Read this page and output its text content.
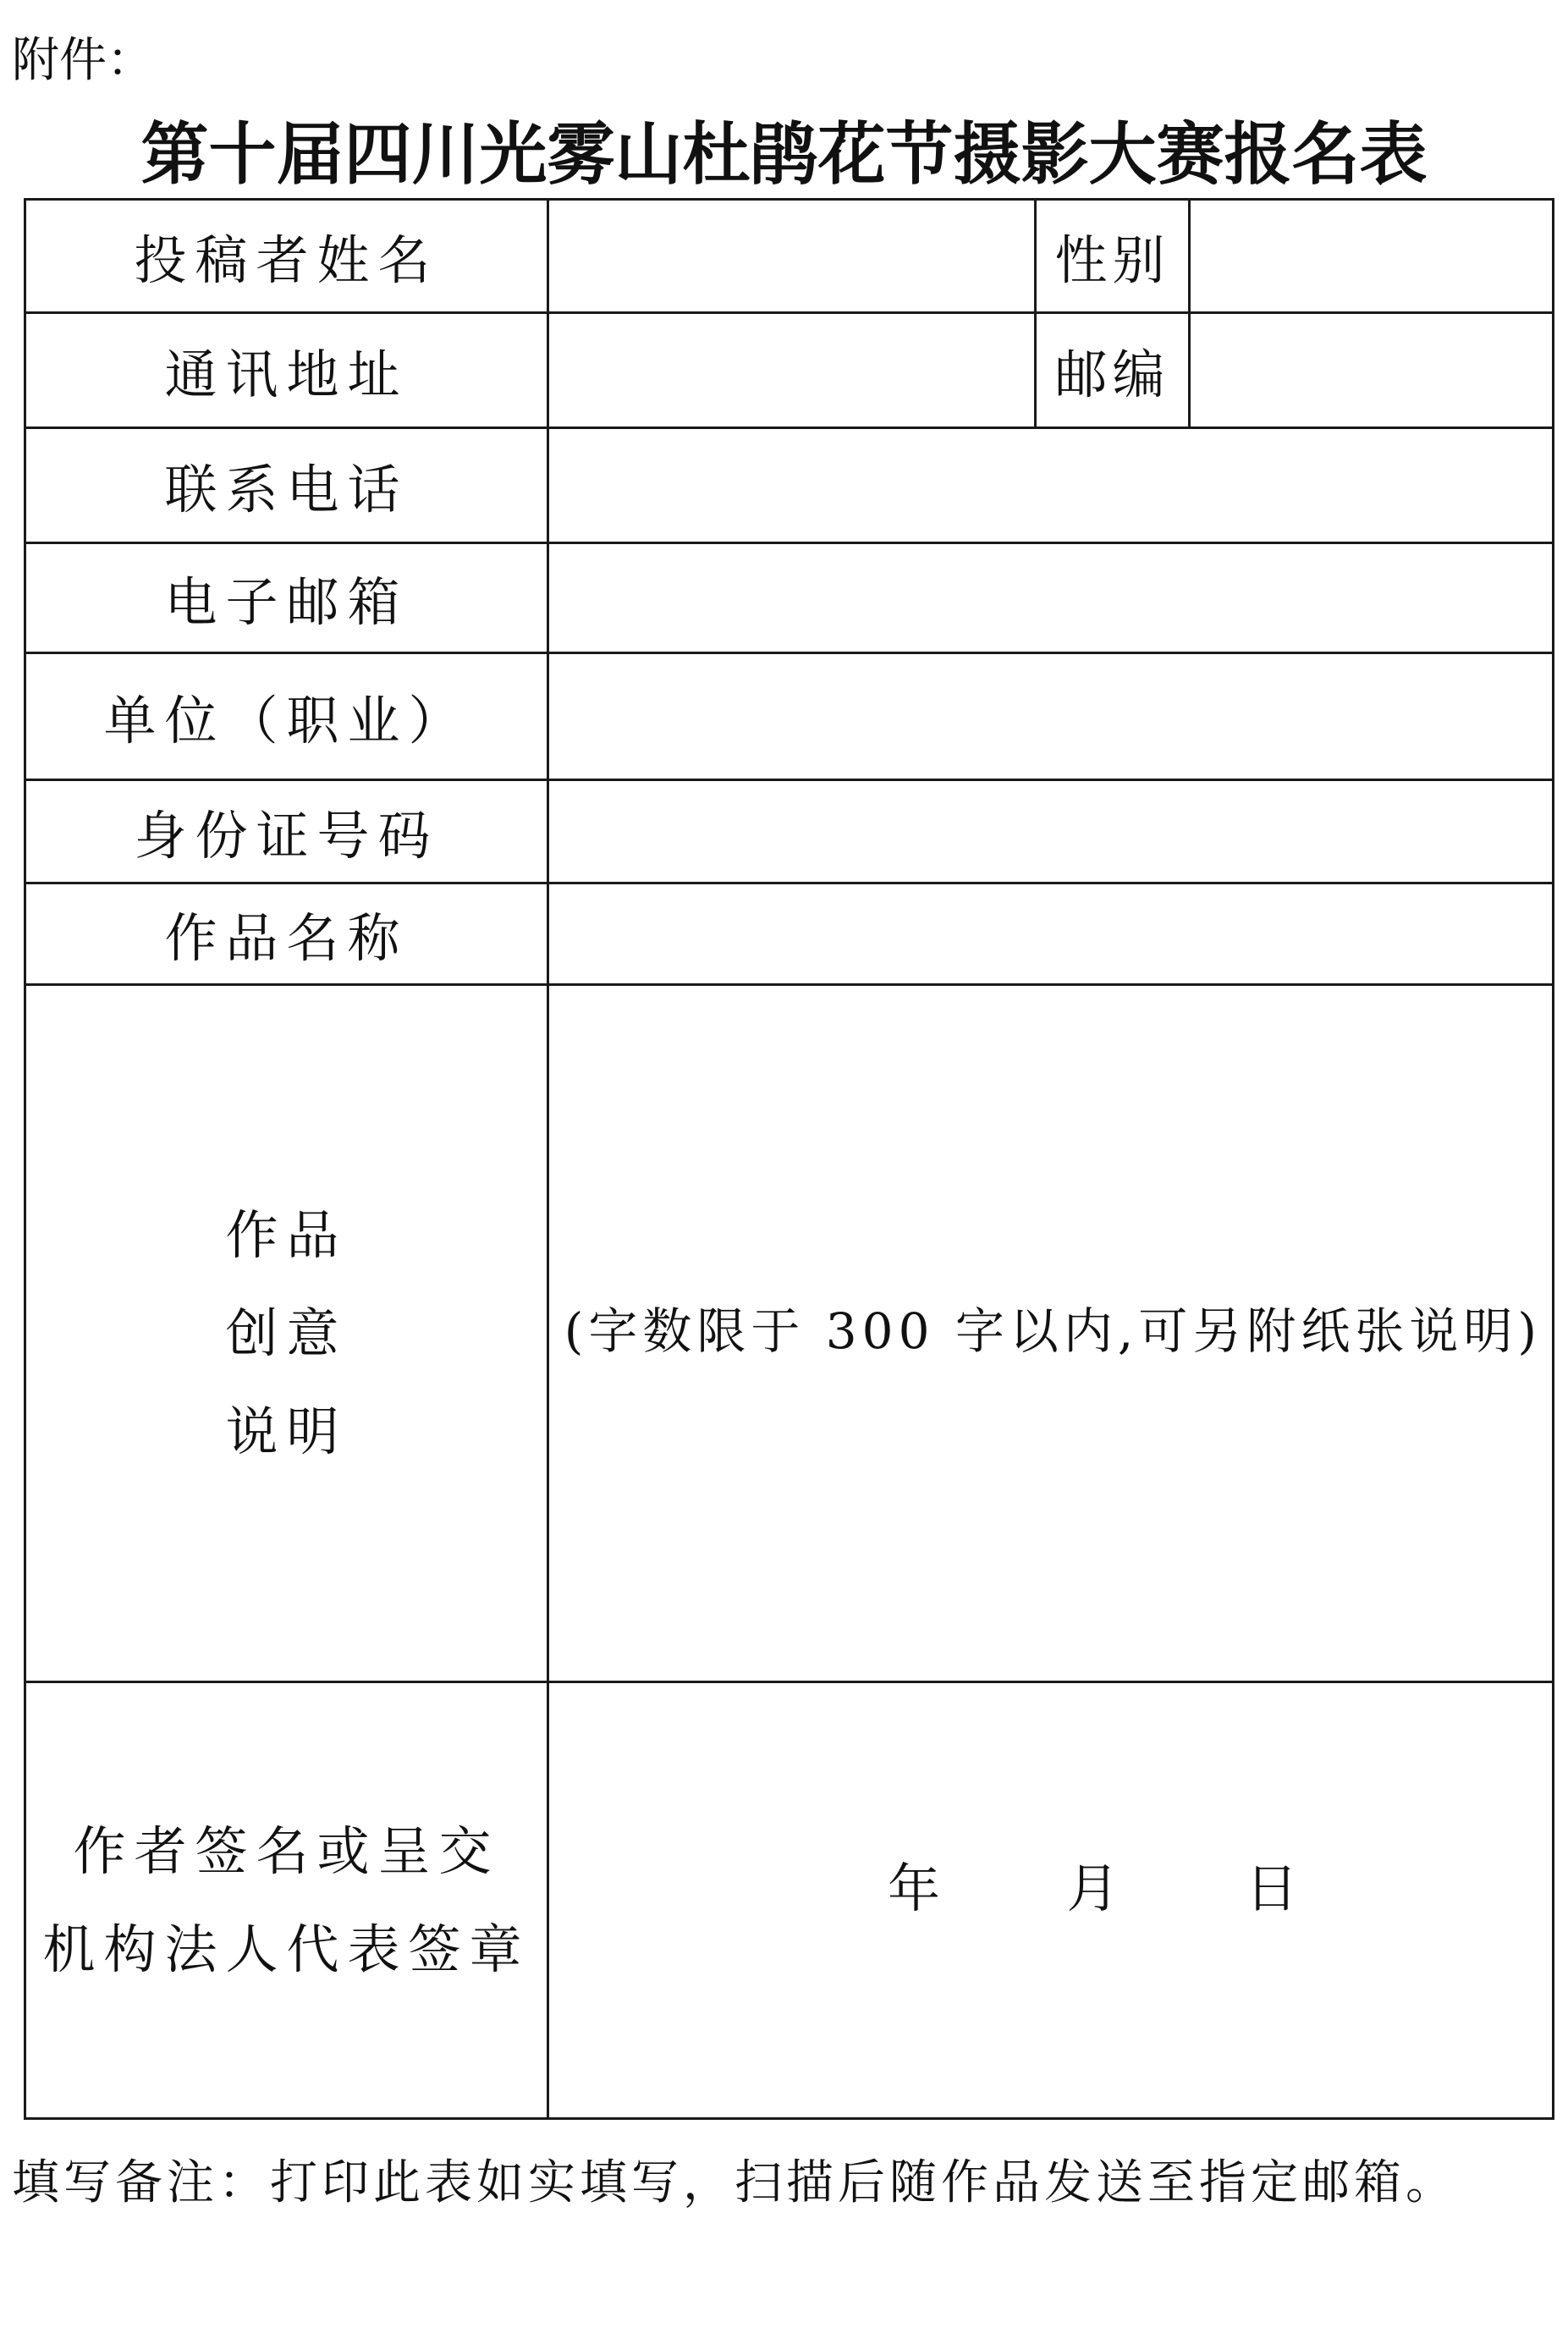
附件：
第十届四川光雾山杜鹃花节摄影大赛报名表
投稿者姓名		性别	
通讯地址		邮编	
联系电话			
电子邮箱			
单位（职业）			
身份证号码			
作品名称			

作品
创意
说明	(字数限于 300 字以内,可另附纸张说明)		

作者签名或呈交
机构法人代表签章	年 月 日		
填写备注：打印此表如实填写，扫描后随作品发送至指定邮箱。
